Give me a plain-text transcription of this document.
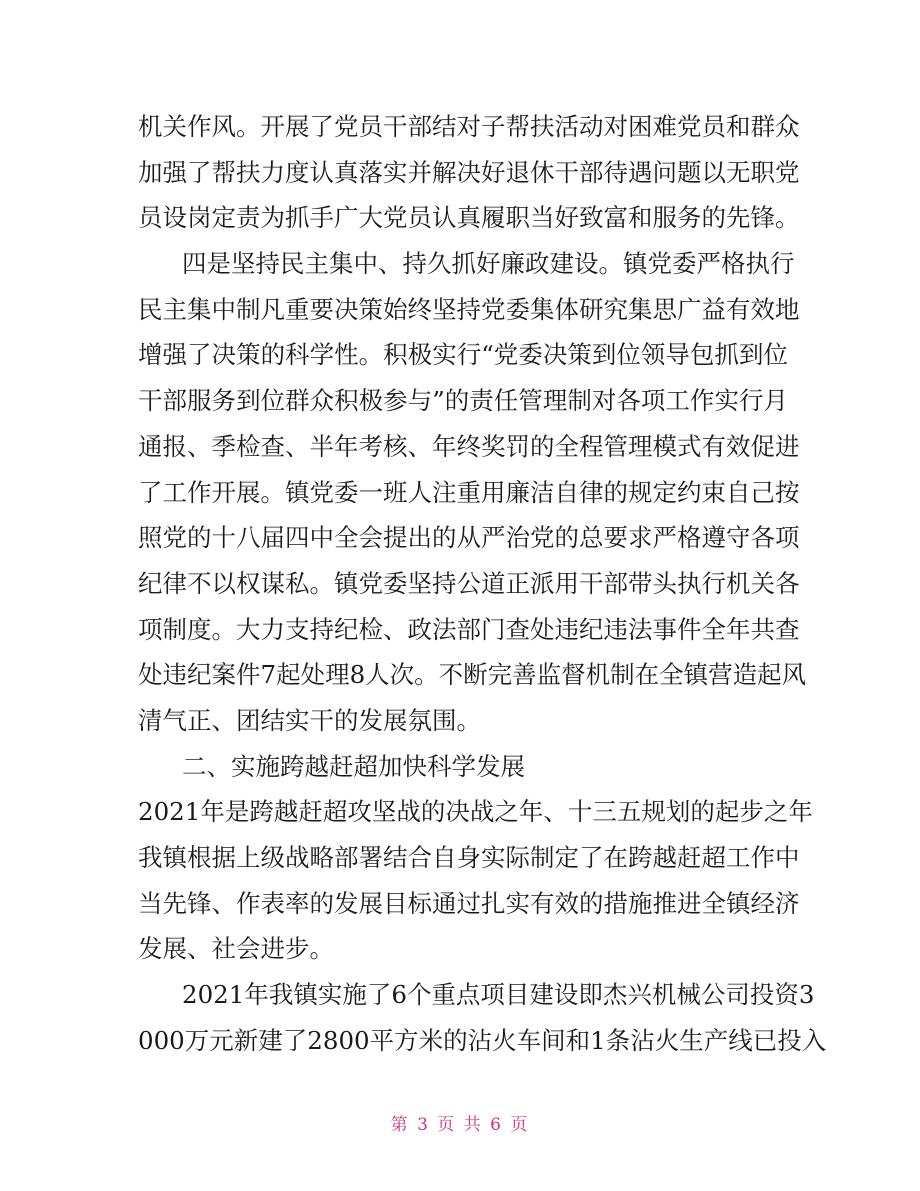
机关作风。开展了党员干部结对子帮扶活动对困难党员和群众
加强了帮扶力度认真落实并解决好退休干部待遇问题以无职党
员设岗定责为抓手广大党员认真履职当好致富和服务的先锋。
四是坚持民主集中、持久抓好廉政建设。镇党委严格执行
民主集中制凡重要决策始终坚持党委集体研究集思广益有效地
增强了决策的科学性。积极实行“党委决策到位领导包抓到位
干部服务到位群众积极参与”的责任管理制对各项工作实行月
通报、季检查、半年考核、年终奖罚的全程管理模式有效促进
了工作开展。镇党委一班人注重用廉洁自律的规定约束自己按
照党的十八届四中全会提出的从严治党的总要求严格遵守各项
纪律不以权谋私。镇党委坚持公道正派用干部带头执行机关各
项制度。大力支持纪检、政法部门查处违纪违法事件全年共查
处违纪案件7起处理8人次。不断完善监督机制在全镇营造起风
清气正、团结实干的发展氛围。
二、实施跨越赶超加快科学发展
2021年是跨越赶超攻坚战的决战之年、十三五规划的起步之年
我镇根据上级战略部署结合自身实际制定了在跨越赶超工作中
当先锋、作表率的发展目标通过扎实有效的措施推进全镇经济
发展、社会进步。
2021年我镇实施了6个重点项目建设即杰兴机械公司投资3
000万元新建了2800平方米的沾火车间和1条沾火生产线已投入
第 3 页 共 6 页
